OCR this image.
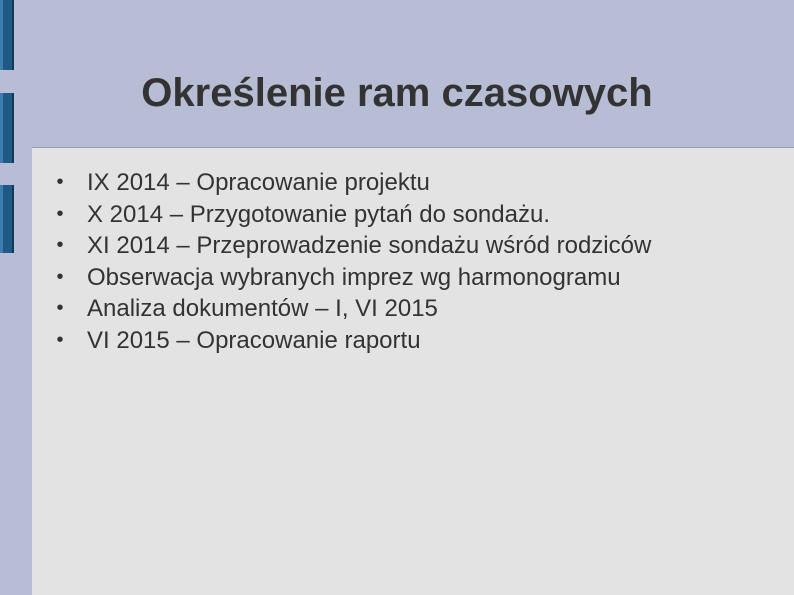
Określenie ram czasowych
• IX 2014 – Opracowanie projektu
• X 2014 – Przygotowanie pytań do sondażu.
• XI 2014 – Przeprowadzenie sondażu wśród rodziców
• Obserwacja wybranych imprez wg harmonogramu
• Analiza dokumentów – I, VI 2015
• VI 2015 – Opracowanie raportu
